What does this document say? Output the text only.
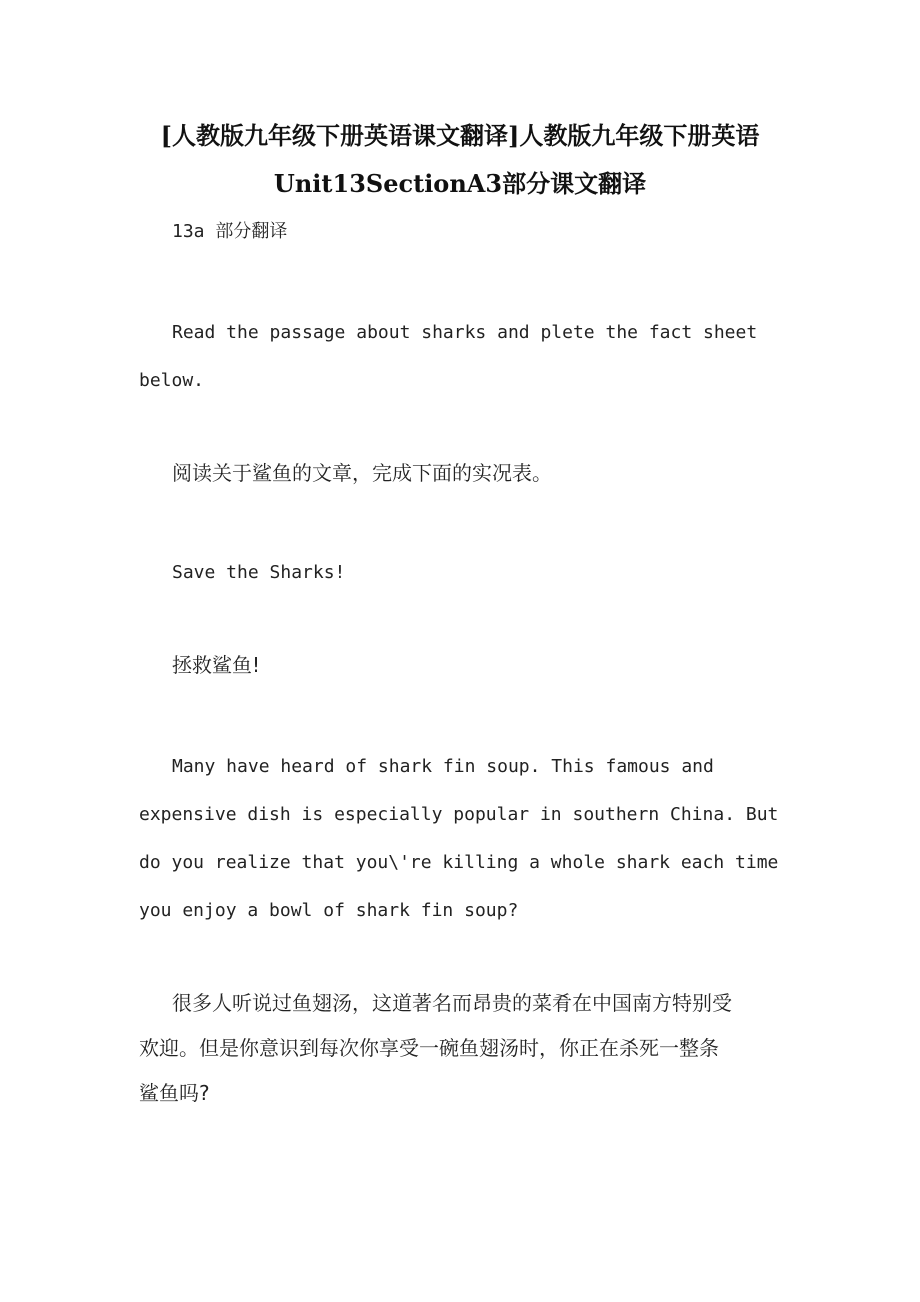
[人教版九年级下册英语课文翻译]人教版九年级下册英语
Unit13SectionA3部分课文翻译
13a 部分翻译
Read the passage about sharks and plete the fact sheet
below.
阅读关于鲨鱼的文章，完成下面的实况表。
Save the Sharks!
拯救鲨鱼!
Many have heard of shark fin soup. This famous and
expensive dish is especially popular in southern China. But
do you realize that you\'re killing a whole shark each time
you enjoy a bowl of shark fin soup?
很多人听说过鱼翅汤，这道著名而昂贵的菜肴在中国南方特别受
欢迎。但是你意识到每次你享受一碗鱼翅汤时，你正在杀死一整条
鲨鱼吗?
